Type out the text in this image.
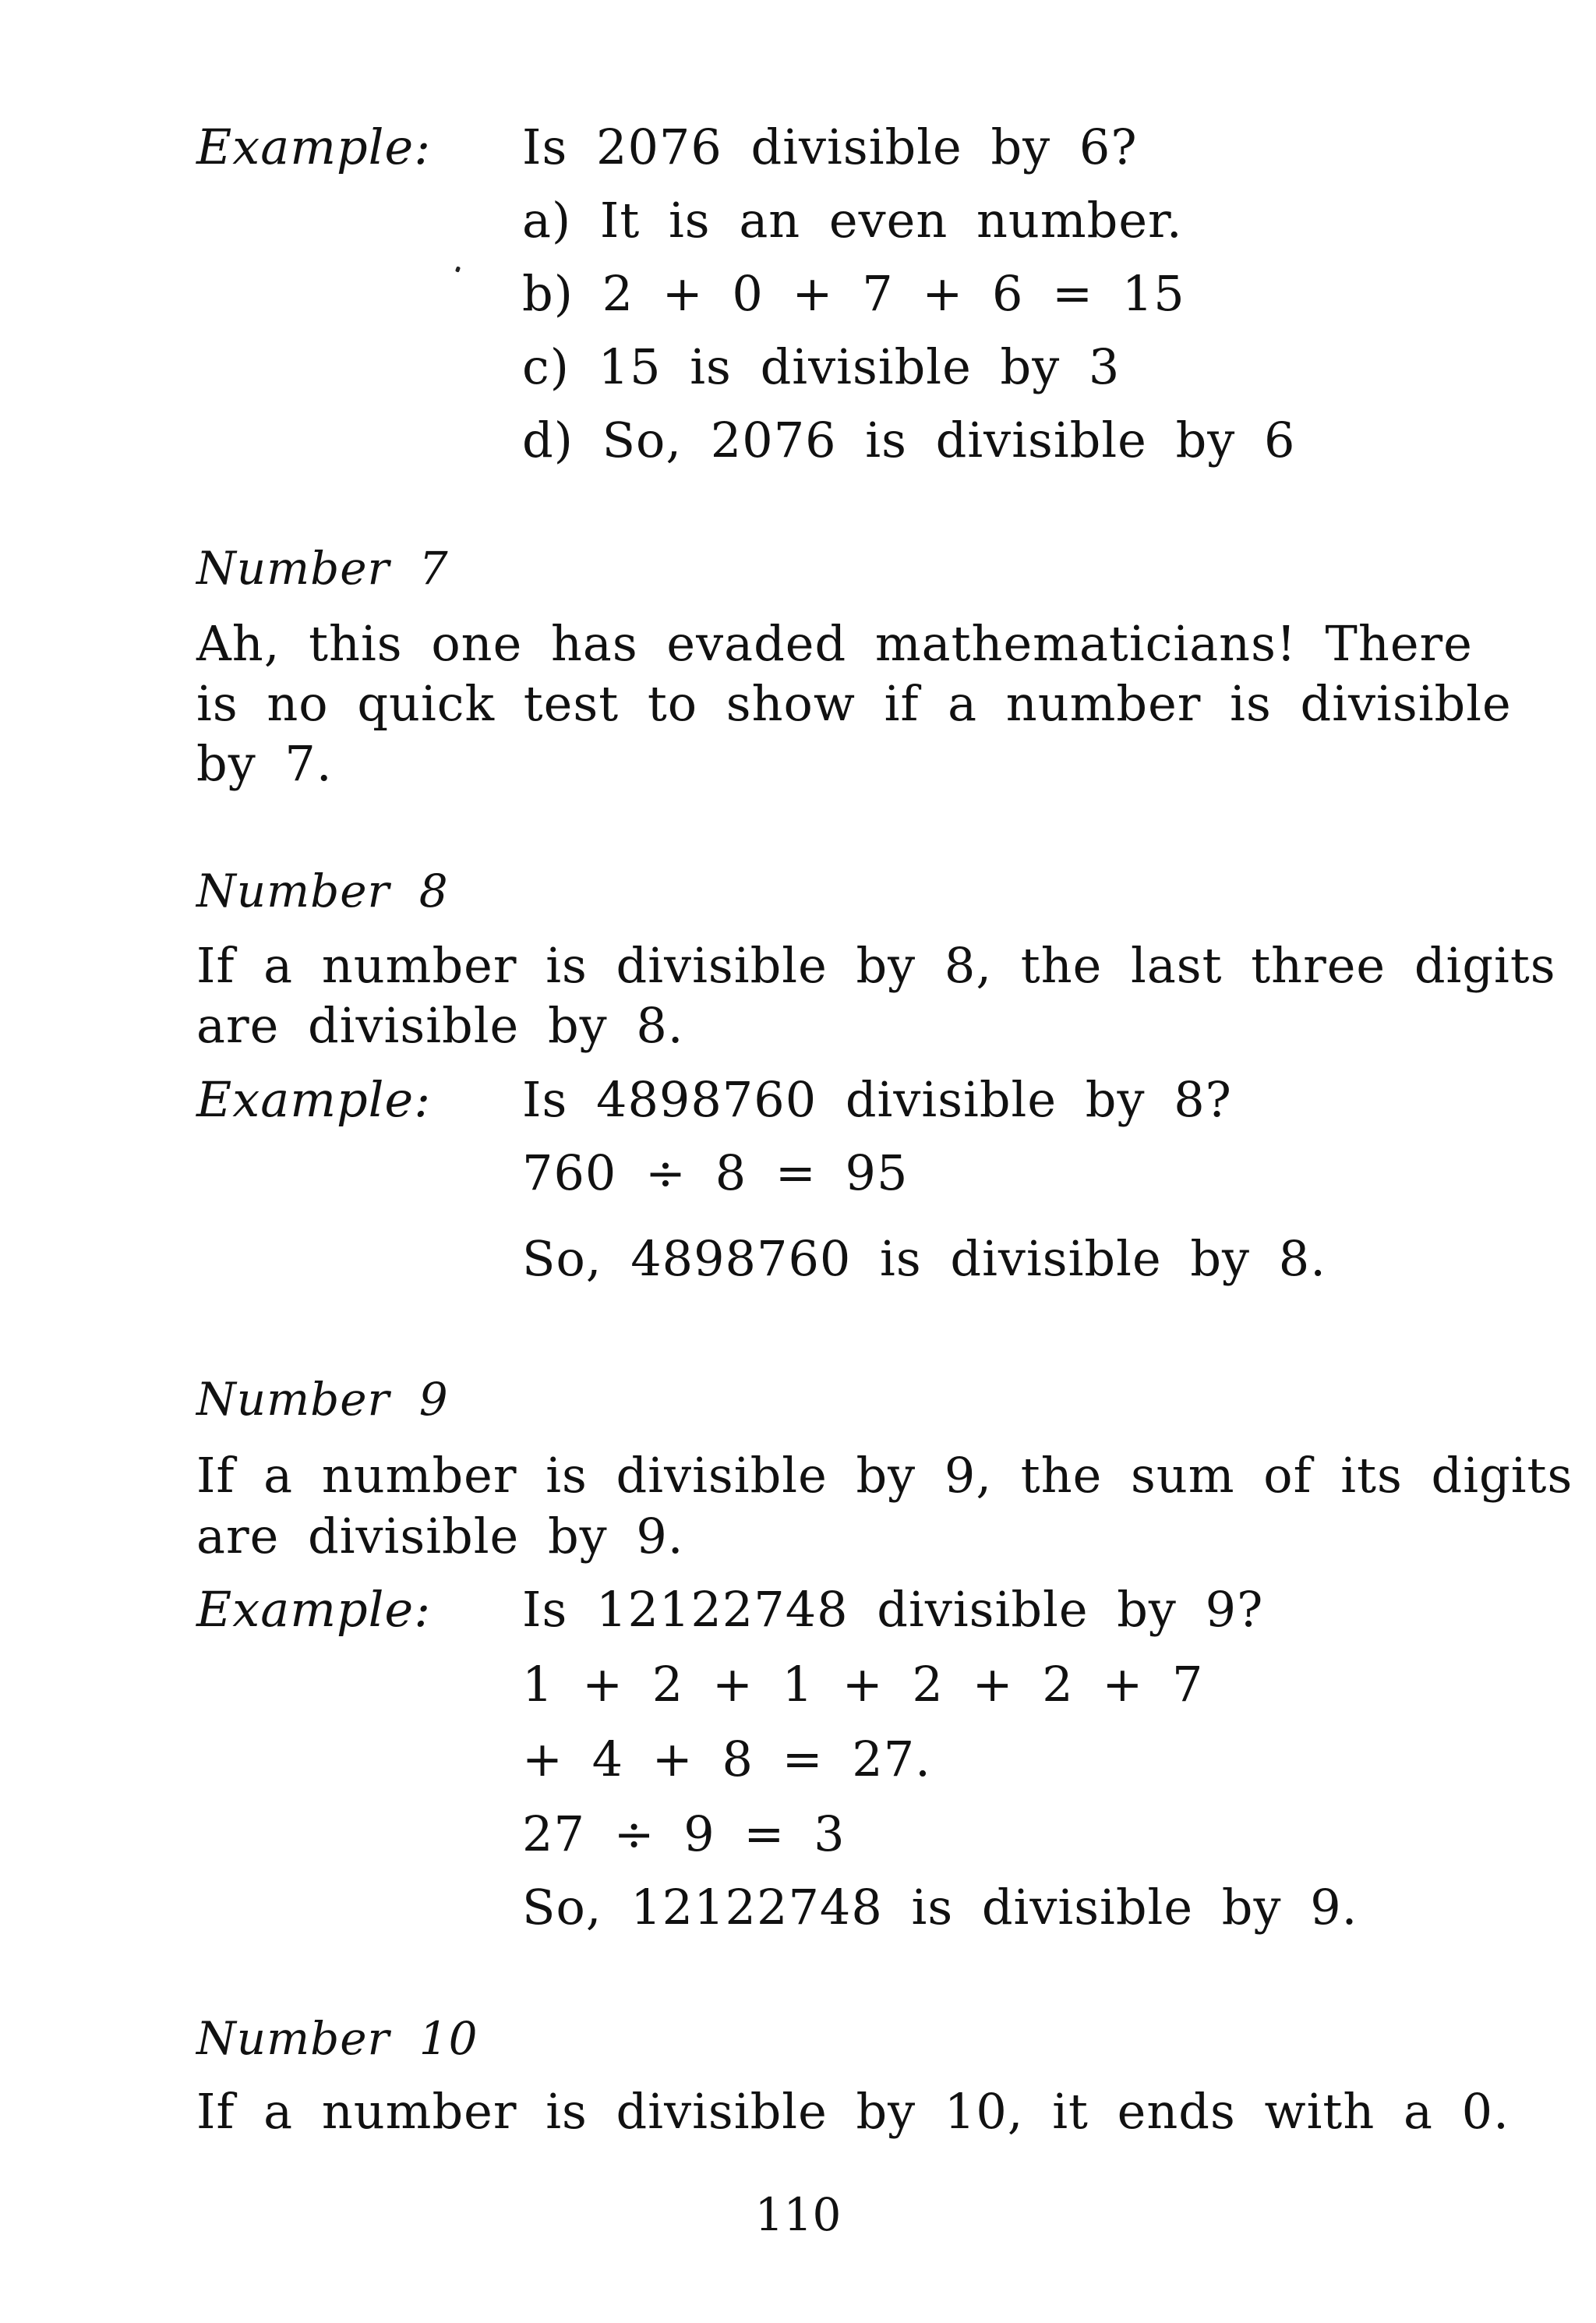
Example: Is 2076 divisible by 6?
a) It is an even number.
b) 2 + 0 + 7 + 6 = 15
c) 15 is divisible by 3
d) So, 2076 is divisible by 6
Number 7
Ah, this one has evaded mathematicians! There
is no quick test to show if a number is divisible
by 7.
Number 8
If a number is divisible by 8, the last three digits
are divisible by 8.
Example: Is 4898760 divisible by 8?
760 ÷ 8 = 95
So, 4898760 is divisible by 8.
Number 9
If a number is divisible by 9, the sum of its digits
are divisible by 9.
Example: Is 12122748 divisible by 9?
1 + 2 + 1 + 2 + 2 + 7
+ 4 + 8 = 27.
27 ÷ 9 = 3
So, 12122748 is divisible by 9.
Number 10
If a number is divisible by 10, it ends with a 0.
110
